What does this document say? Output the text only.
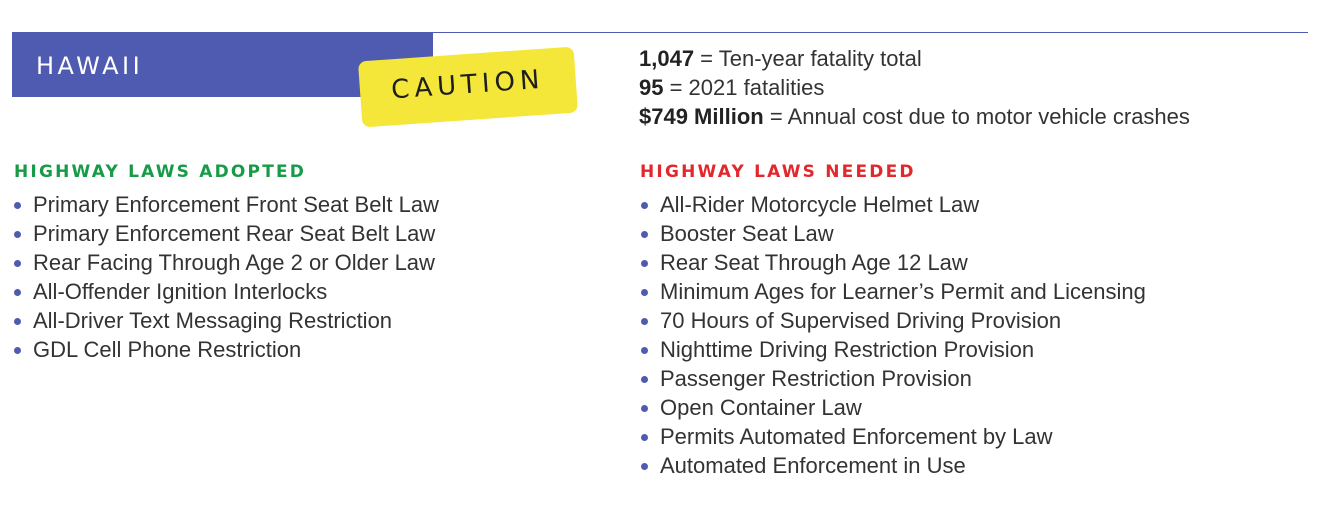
HAWAII	CAUTION
1,047 = Ten-year fatality total
95 = 2021 fatalities
$749 Million = Annual cost due to motor vehicle crashes
HIGHWAY LAWS ADOPTED
Primary Enforcement Front Seat Belt Law
Primary Enforcement Rear Seat Belt Law
Rear Facing Through Age 2 or Older Law
All-Offender Ignition Interlocks
All-Driver Text Messaging Restriction
GDL Cell Phone Restriction
HIGHWAY LAWS NEEDED
All-Rider Motorcycle Helmet Law
Booster Seat Law
Rear Seat Through Age 12 Law
Minimum Ages for Learner’s Permit and Licensing
70 Hours of Supervised Driving Provision
Nighttime Driving Restriction Provision
Passenger Restriction Provision
Open Container Law
Permits Automated Enforcement by Law
Automated Enforcement in Use
